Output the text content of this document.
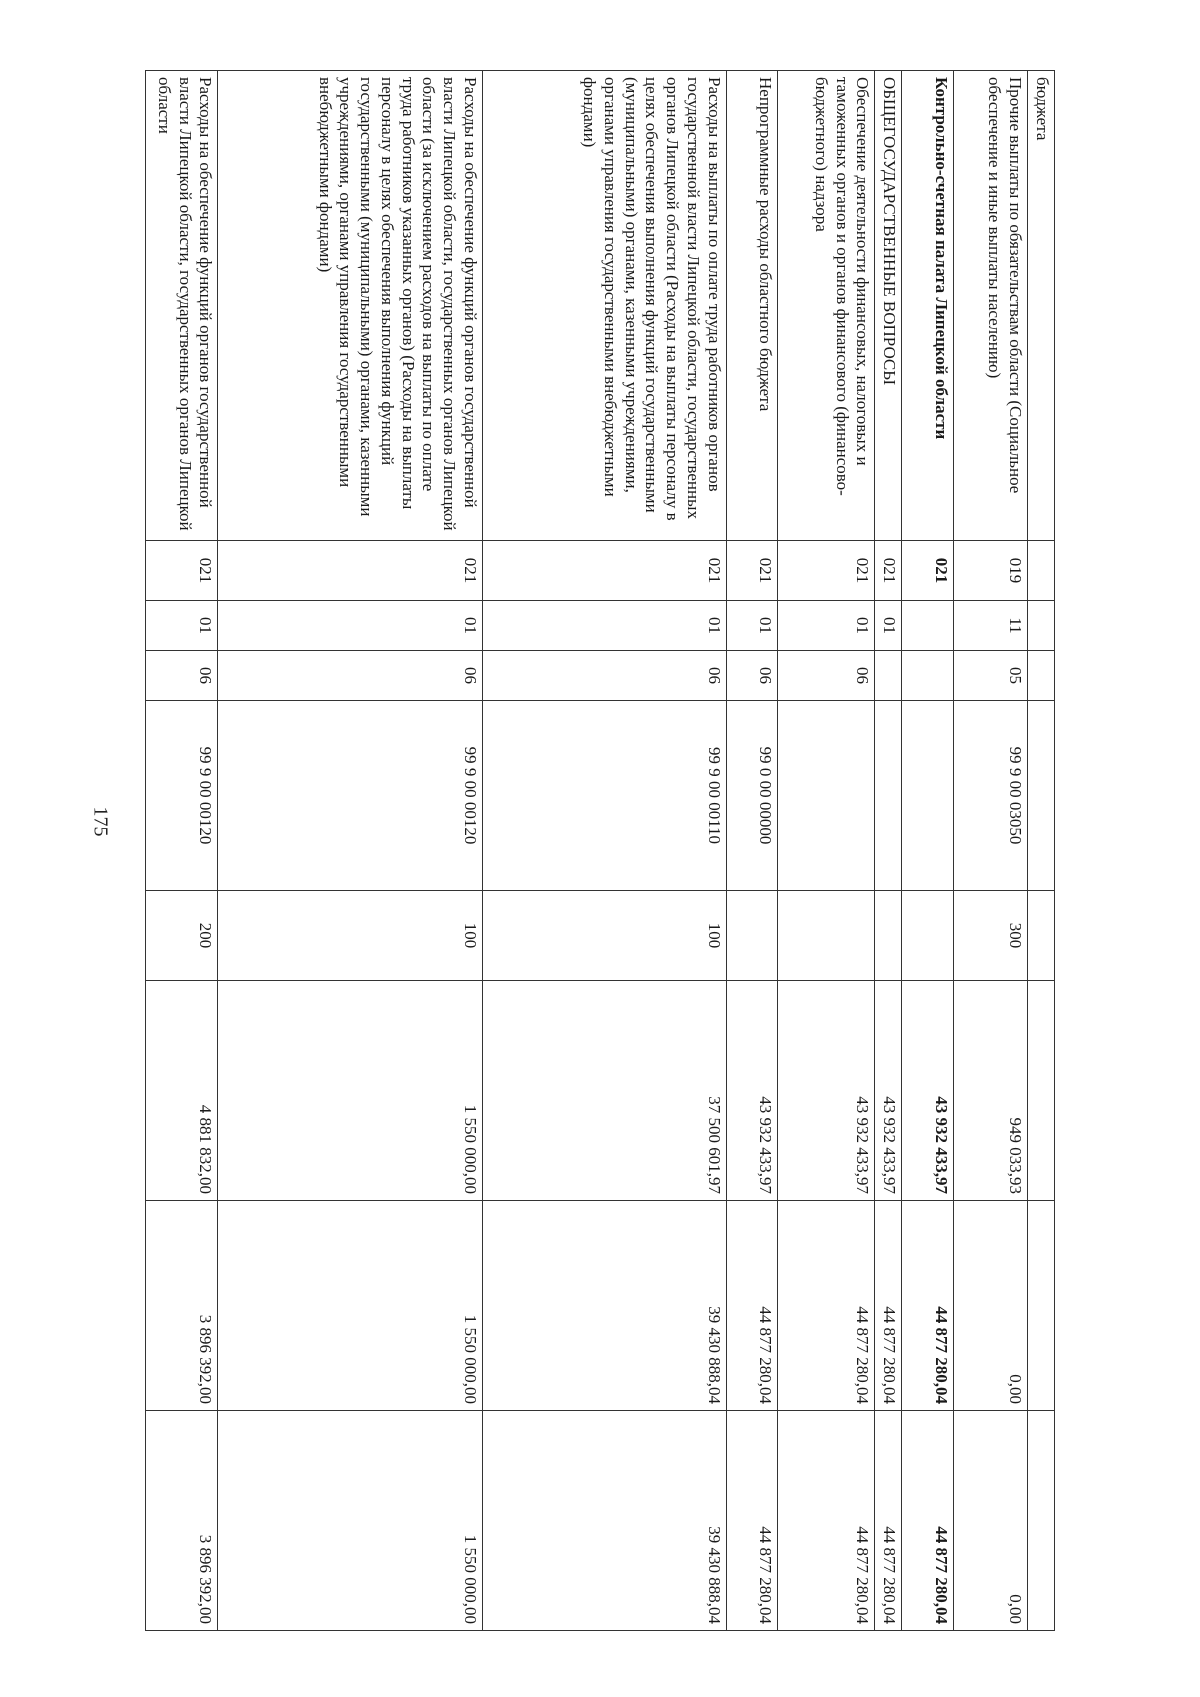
175
бюджета								
Прочие выплаты по обязательствам области (Социальное обеспечение и иные выплаты населению)	019	11	05	99 9 00 03050	300	949 033,93	0,00	0,00
Контрольно-счетная палата Липецкой области	021					43 932 433,97	44 877 280,04	44 877 280,04
ОБЩЕГОСУДАРСТВЕННЫЕ ВОПРОСЫ	021	01				43 932 433,97	44 877 280,04	44 877 280,04
Обеспечение деятельности финансовых, налоговых и таможенных органов и органов финансового (финансово-бюджетного) надзора	021	01	06			43 932 433,97	44 877 280,04	44 877 280,04
Непрограммные расходы областного бюджета	021	01	06	99 0 00 00000		43 932 433,97	44 877 280,04	44 877 280,04
Расходы на выплаты по оплате труда работников органов государственной власти Липецкой области, государственных органов Липецкой области (Расходы на выплаты персоналу в целях обеспечения выполнения функций государственными (муниципальными) органами, казенными учреждениями, органами управления государственными внебюджетными фондами)	021	01	06	99 9 00 00110	100	37 500 601,97	39 430 888,04	39 430 888,04
Расходы на обеспечение функций органов государственной власти Липецкой области, государственных органов Липецкой области (за исключением расходов на выплаты по оплате труда работников указанных органов) (Расходы на выплаты персоналу в целях обеспечения выполнения функций государственными (муниципальными) органами, казенными учреждениями, органами управления государственными внебюджетными фондами)	021	01	06	99 9 00 00120	100	1 550 000,00	1 550 000,00	1 550 000,00
Расходы на обеспечение функций органов государственной власти Липецкой области, государственных органов Липецкой области	021	01	06	99 9 00 00120	200	4 881 832,00	3 896 392,00	3 896 392,00
